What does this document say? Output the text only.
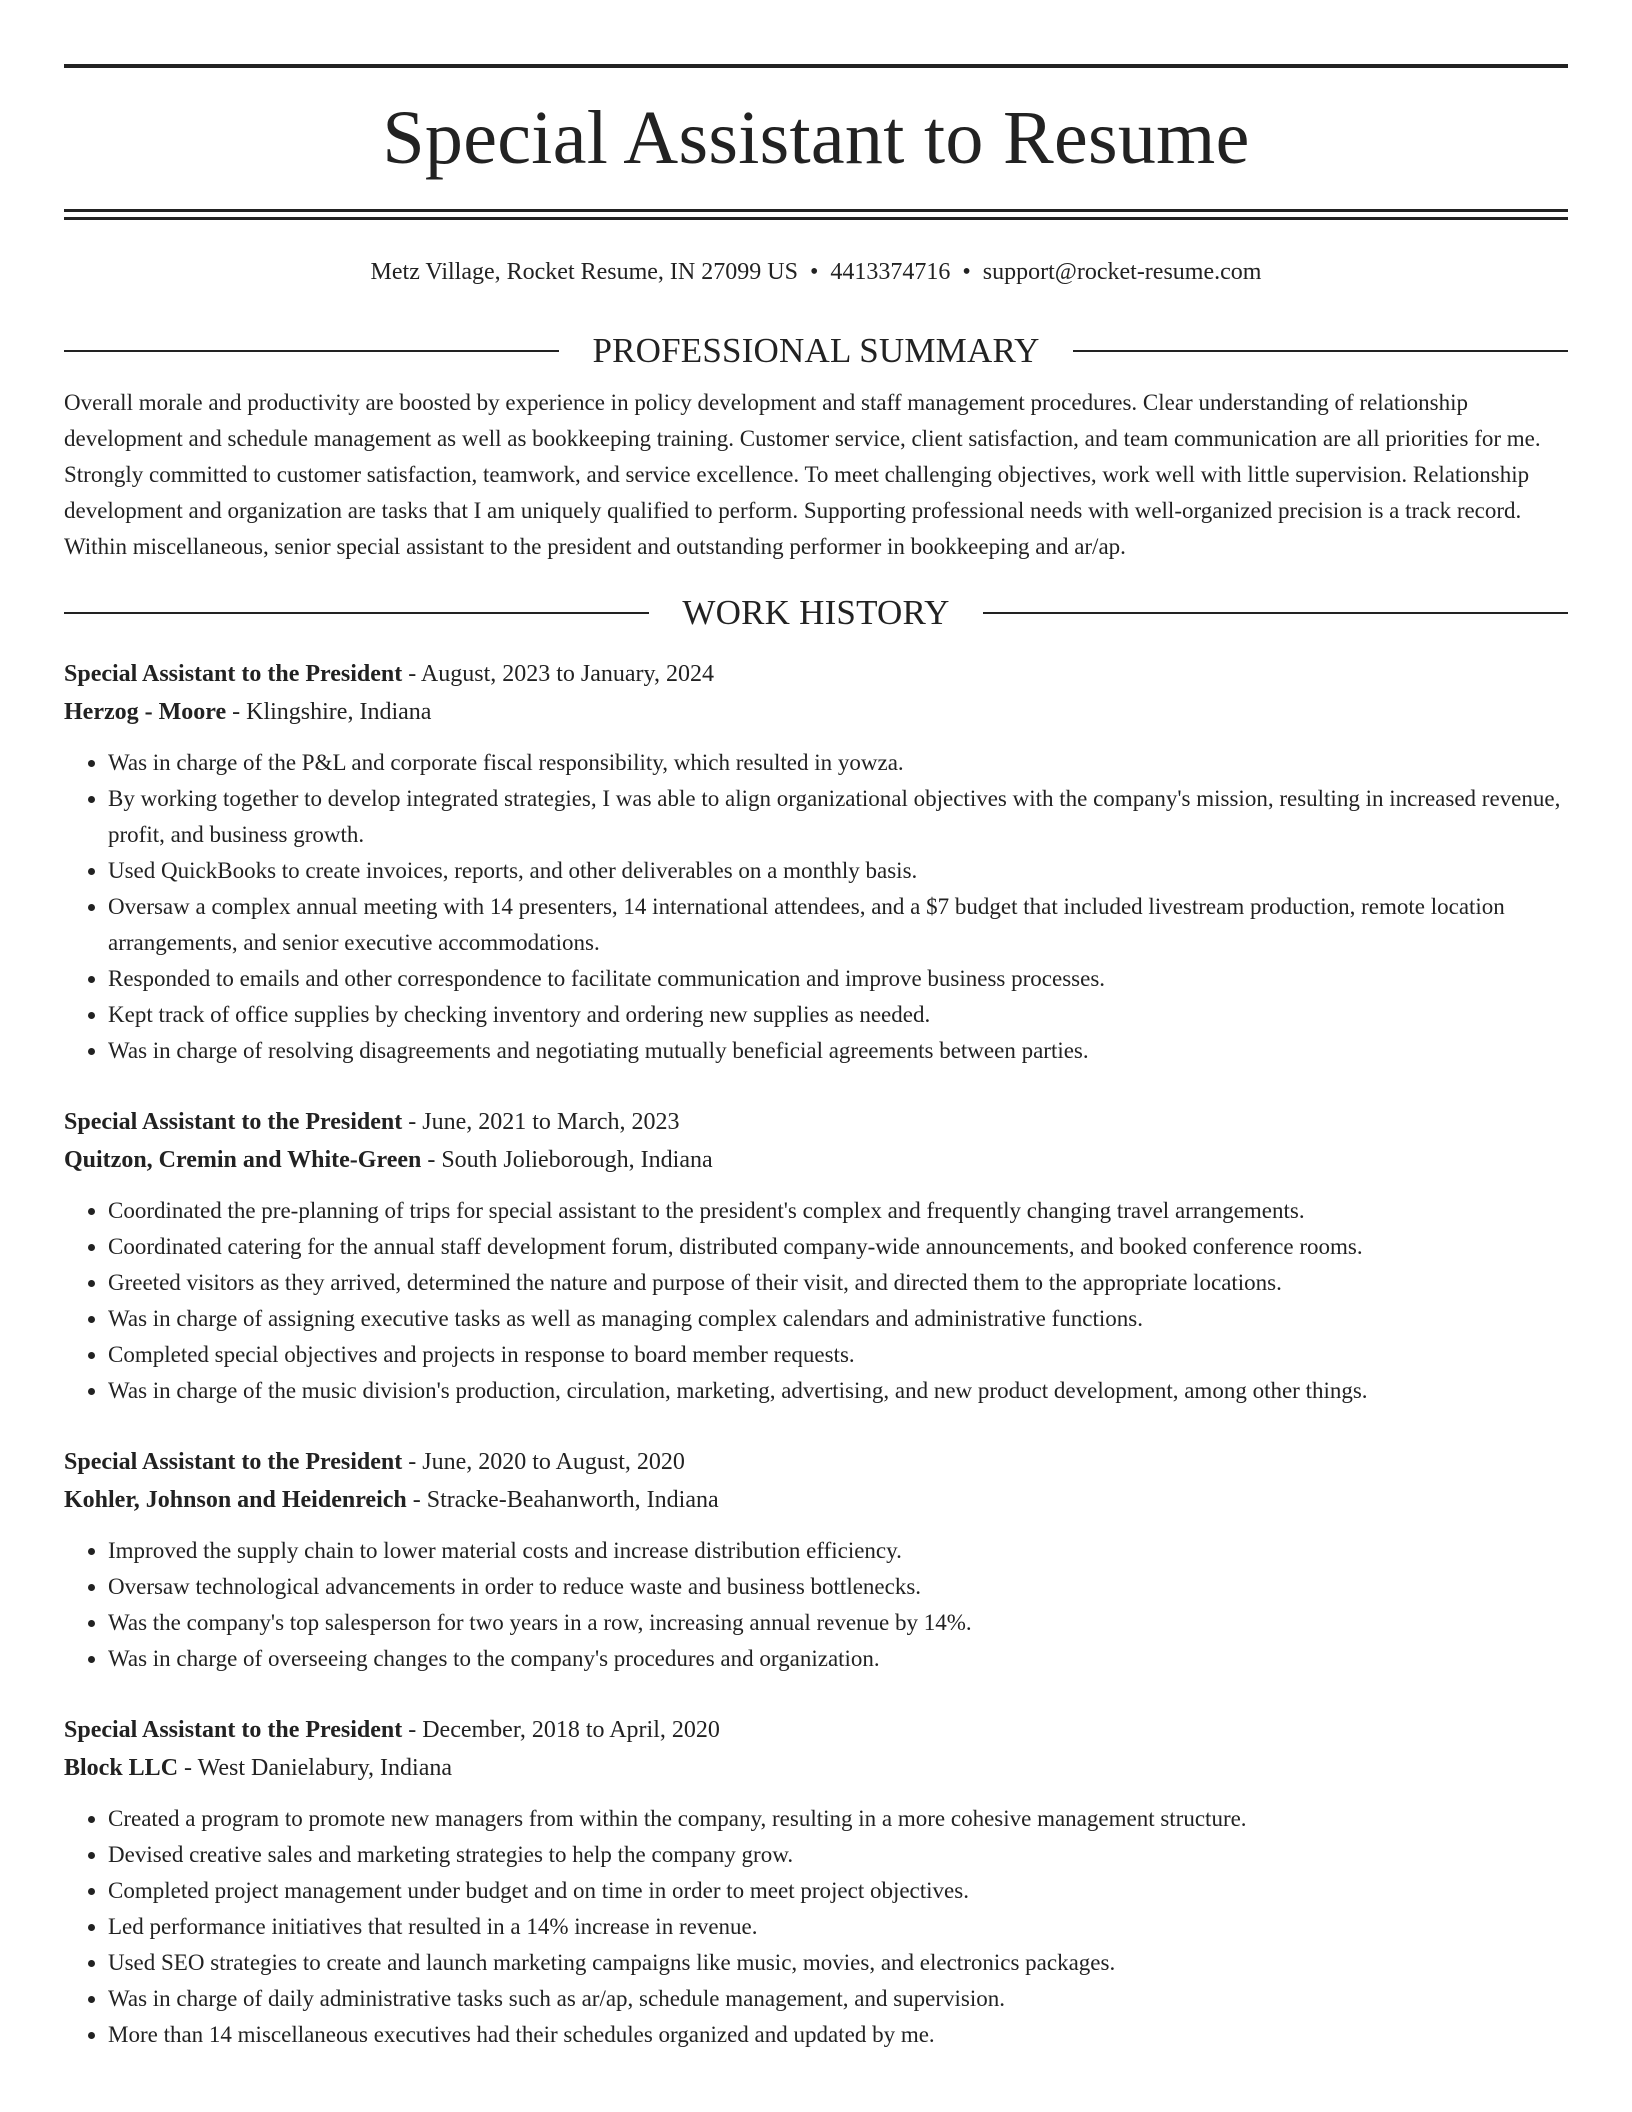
Special Assistant to Resume
Metz Village, Rocket Resume, IN 27099 US • 4413374716 • support@rocket-resume.com
PROFESSIONAL SUMMARY
Overall morale and productivity are boosted by experience in policy development and staff management procedures. Clear understanding of relationship development and schedule management as well as bookkeeping training. Customer service, client satisfaction, and team communication are all priorities for me. Strongly committed to customer satisfaction, teamwork, and service excellence. To meet challenging objectives, work well with little supervision. Relationship development and organization are tasks that I am uniquely qualified to perform. Supporting professional needs with well-organized precision is a track record. Within miscellaneous, senior special assistant to the president and outstanding performer in bookkeeping and ar/ap.
WORK HISTORY
Special Assistant to the President - August, 2023 to January, 2024
Herzog - Moore - Klingshire, Indiana
• Was in charge of the P&L and corporate fiscal responsibility, which resulted in yowza.
• By working together to develop integrated strategies, I was able to align organizational objectives with the company's mission, resulting in increased revenue, profit, and business growth.
• Used QuickBooks to create invoices, reports, and other deliverables on a monthly basis.
• Oversaw a complex annual meeting with 14 presenters, 14 international attendees, and a $7 budget that included livestream production, remote location arrangements, and senior executive accommodations.
• Responded to emails and other correspondence to facilitate communication and improve business processes.
• Kept track of office supplies by checking inventory and ordering new supplies as needed.
• Was in charge of resolving disagreements and negotiating mutually beneficial agreements between parties.
Special Assistant to the President - June, 2021 to March, 2023
Quitzon, Cremin and White-Green - South Jolieborough, Indiana
• Coordinated the pre-planning of trips for special assistant to the president's complex and frequently changing travel arrangements.
• Coordinated catering for the annual staff development forum, distributed company-wide announcements, and booked conference rooms.
• Greeted visitors as they arrived, determined the nature and purpose of their visit, and directed them to the appropriate locations.
• Was in charge of assigning executive tasks as well as managing complex calendars and administrative functions.
• Completed special objectives and projects in response to board member requests.
• Was in charge of the music division's production, circulation, marketing, advertising, and new product development, among other things.
Special Assistant to the President - June, 2020 to August, 2020
Kohler, Johnson and Heidenreich - Stracke-Beahanworth, Indiana
• Improved the supply chain to lower material costs and increase distribution efficiency.
• Oversaw technological advancements in order to reduce waste and business bottlenecks.
• Was the company's top salesperson for two years in a row, increasing annual revenue by 14%.
• Was in charge of overseeing changes to the company's procedures and organization.
Special Assistant to the President - December, 2018 to April, 2020
Block LLC - West Danielabury, Indiana
• Created a program to promote new managers from within the company, resulting in a more cohesive management structure.
• Devised creative sales and marketing strategies to help the company grow.
• Completed project management under budget and on time in order to meet project objectives.
• Led performance initiatives that resulted in a 14% increase in revenue.
• Used SEO strategies to create and launch marketing campaigns like music, movies, and electronics packages.
• Was in charge of daily administrative tasks such as ar/ap, schedule management, and supervision.
• More than 14 miscellaneous executives had their schedules organized and updated by me.
